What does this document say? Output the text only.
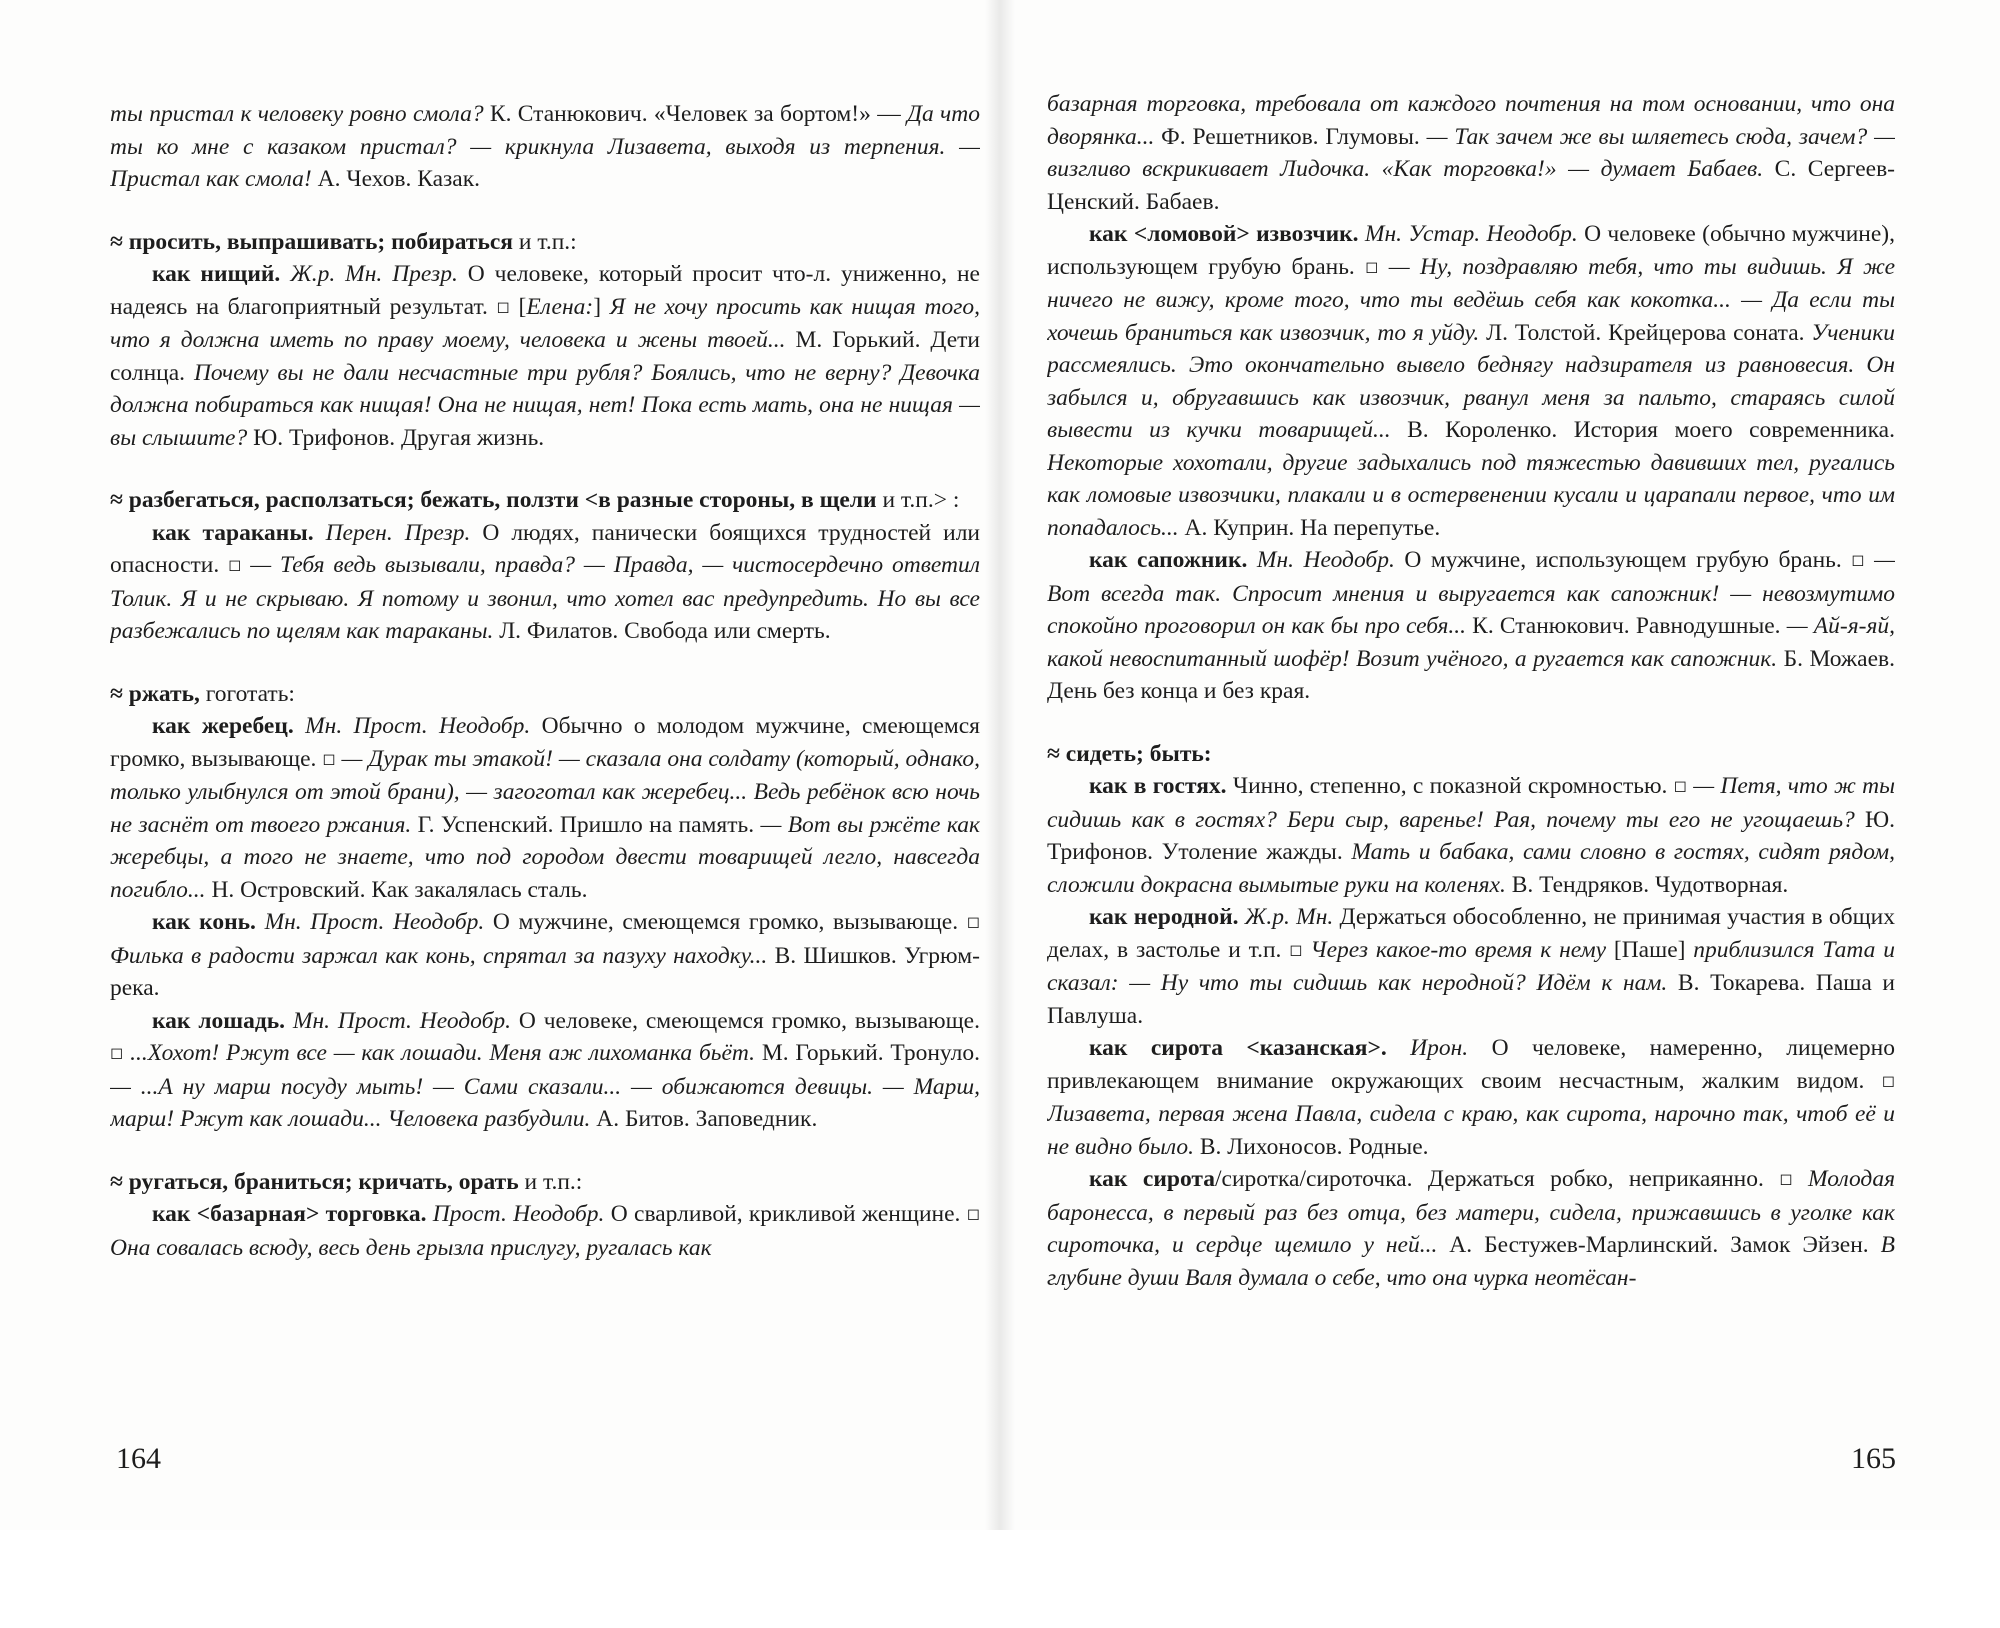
ты пристал к человеку ровно смола? К. Станюкович. «Человек за бортом!» — Да что ты ко мне с казаком пристал? — крикнула Лизавета, выходя из терпения. — Пристал как смола! А. Чехов. Казак.

≈ просить, выпрашивать; побираться и т.п.:

как нищий. Ж.р. Мн. Презр. О человеке, который просит что-л. униженно, не надеясь на благоприятный результат. ◻ [Елена:] Я не хочу просить как нищая того, что я должна иметь по праву моему, человека и жены твоей... М. Горький. Дети солнца. Почему вы не дали несчастные три рубля? Боялись, что не верну? Девочка должна побираться как нищая! Она не нищая, нет! Пока есть мать, она не нищая — вы слышите? Ю. Трифонов. Другая жизнь.

≈ разбегаться, расползаться; бежать, ползти <в разные стороны, в щели и т.п.> :

как тараканы. Перен. Презр. О людях, панически боящихся трудностей или опасности. ◻ — Тебя ведь вызывали, правда? — Правда, — чистосердечно ответил Толик. Я и не скрываю. Я потому и звонил, что хотел вас предупредить. Но вы все разбежались по щелям как тараканы. Л. Филатов. Свобода или смерть.

≈ ржать, гоготать:

как жеребец. Мн. Прост. Неодобр. Обычно о молодом мужчине, смеющемся громко, вызывающе. ◻ — Дурак ты этакой! — сказала она солдату (который, однако, только улыбнулся от этой брани), — загоготал как жеребец... Ведь ребёнок всю ночь не заснёт от твоего ржания. Г. Успенский. Пришло на память. — Вот вы ржёте как жеребцы, а того не знаете, что под городом двести товарищей легло, навсегда погибло... Н. Островский. Как закалялась сталь.

как конь. Мн. Прост. Неодобр. О мужчине, смеющемся громко, вызывающе. ◻ Филька в радости заржал как конь, спрятал за пазуху находку... В. Шишков. Угрюм-река.

как лошадь. Мн. Прост. Неодобр. О человеке, смеющемся громко, вызывающе. ◻ ...Хохот! Ржут все — как лошади. Меня аж лихоманка бьёт. М. Горький. Тронуло. — ...А ну марш посуду мыть! — Сами сказали... — обижаются девицы. — Марш, марш! Ржут как лошади... Человека разбудили. А. Битов. Заповедник.

≈ ругаться, браниться; кричать, орать и т.п.:

как <базарная> торговка. Прост. Неодобр. О сварливой, крикливой женщине. ◻ Она совалась всюду, весь день грызла прислугу, ругалась как

базарная торговка, требовала от каждого почтения на том основании, что она дворянка... Ф. Решетников. Глумовы. — Так зачем же вы шляетесь сюда, зачем? — визгливо вскрикивает Лидочка. «Как торговка!» — думает Бабаев. С. Сергеев-Ценский. Бабаев.

как <ломовой> извозчик. Мн. Устар. Неодобр. О человеке (обычно мужчине), использующем грубую брань. ◻ — Ну, поздравляю тебя, что ты видишь. Я же ничего не вижу, кроме того, что ты ведёшь себя как кокотка... — Да если ты хочешь браниться как извозчик, то я уйду. Л. Толстой. Крейцерова соната. Ученики рассмеялись. Это окончательно вывело беднягу надзирателя из равновесия. Он забылся и, обругавшись как извозчик, рванул меня за пальто, стараясь силой вывести из кучки товарищей... В. Короленко. История моего современника. Некоторые хохотали, другие задыхались под тяжестью давивших тел, ругались как ломовые извозчики, плакали и в остервенении кусали и царапали первое, что им попадалось... А. Куприн. На перепутье.

как сапожник. Мн. Неодобр. О мужчине, использующем грубую брань. ◻ — Вот всегда так. Спросит мнения и выругается как сапожник! — невозмутимо спокойно проговорил он как бы про себя... К. Станюкович. Равнодушные. — Ай-я-яй, какой невоспитанный шофёр! Возит учёного, а ругается как сапожник. Б. Можаев. День без конца и без края.

≈ сидеть; быть:

как в гостях. Чинно, степенно, с показной скромностью. ◻ — Петя, что ж ты сидишь как в гостях? Бери сыр, варенье! Рая, почему ты его не угощаешь? Ю. Трифонов. Утоление жажды. Мать и бабака, сами словно в гостях, сидят рядом, сложили докрасна вымытые руки на коленях. В. Тендряков. Чудотворная.

как неродной. Ж.р. Мн. Держаться обособленно, не принимая участия в общих делах, в застолье и т.п. ◻ Через какое-то время к нему [Паше] приблизился Тата и сказал: — Ну что ты сидишь как неродной? Идём к нам. В. Токарева. Паша и Павлуша.

как сирота <казанская>. Ирон. О человеке, намеренно, лицемерно привлекающем внимание окружающих своим несчастным, жалким видом. ◻ Лизавета, первая жена Павла, сидела с краю, как сирота, нарочно так, чтоб её и не видно было. В. Лихоносов. Родные.

как сирота/сиротка/сироточка. Держаться робко, неприкаянно. ◻ Молодая баронесса, в первый раз без отца, без матери, сидела, прижавшись в уголке как сироточка, и сердце щемило у ней... А. Бестужев-Марлинский. Замок Эйзен. В глубине души Валя думала о себе, что она чурка неотёсан-

164	165
